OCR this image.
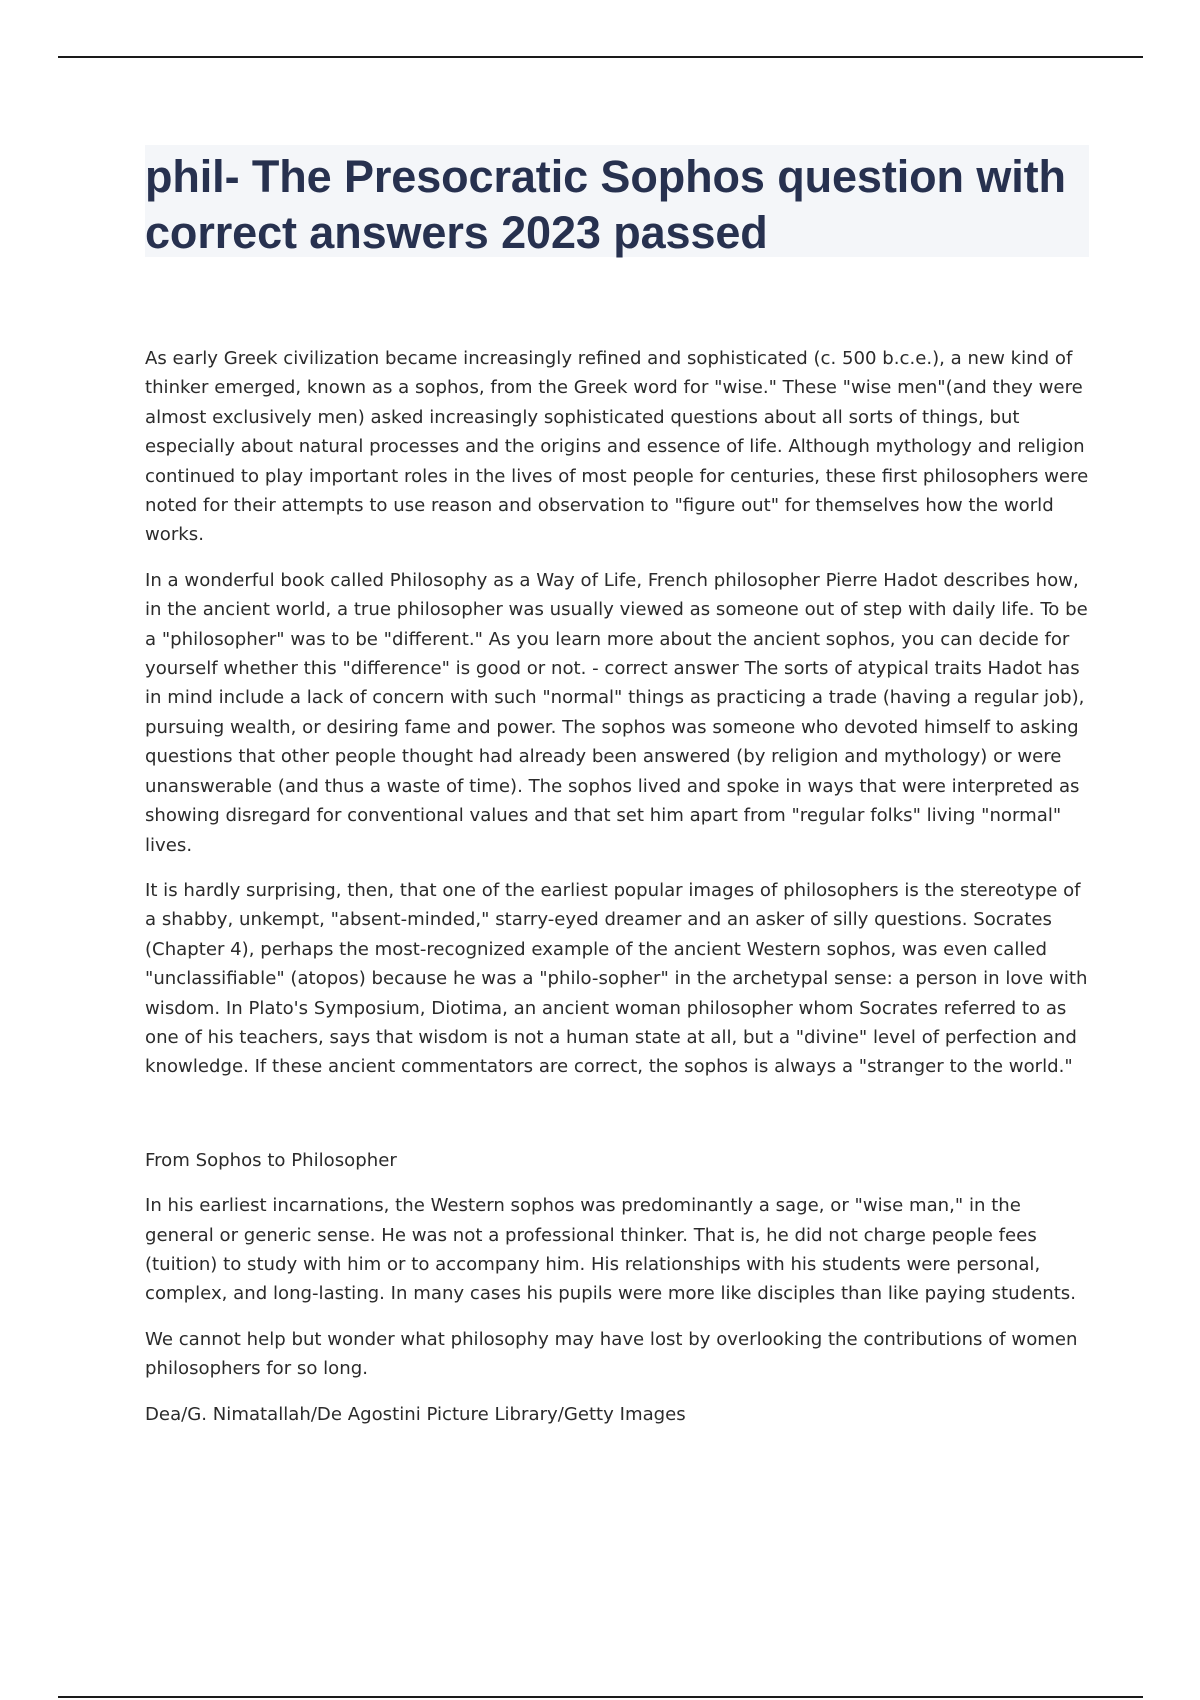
phil- The Presocratic Sophos question with correct answers 2023 passed

As early Greek civilization became increasingly refined and sophisticated (c. 500 b.c.e.), a new kind of thinker emerged, known as a sophos, from the Greek word for "wise." These "wise men"(and they were almost exclusively men) asked increasingly sophisticated questions about all sorts of things, but especially about natural processes and the origins and essence of life. Although mythology and religion continued to play important roles in the lives of most people for centuries, these first philosophers were noted for their attempts to use reason and observation to "figure out" for themselves how the world works.

In a wonderful book called Philosophy as a Way of Life, French philosopher Pierre Hadot describes how, in the ancient world, a true philosopher was usually viewed as someone out of step with daily life. To be a "philosopher" was to be "different." As you learn more about the ancient sophos, you can decide for yourself whether this "difference" is good or not. - correct answer The sorts of atypical traits Hadot has in mind include a lack of concern with such "normal" things as practicing a trade (having a regular job), pursuing wealth, or desiring fame and power. The sophos was someone who devoted himself to asking questions that other people thought had already been answered (by religion and mythology) or were unanswerable (and thus a waste of time). The sophos lived and spoke in ways that were interpreted as showing disregard for conventional values and that set him apart from "regular folks" living "normal" lives.

It is hardly surprising, then, that one of the earliest popular images of philosophers is the stereotype of a shabby, unkempt, "absent-minded," starry-eyed dreamer and an asker of silly questions. Socrates (Chapter 4), perhaps the most-recognized example of the ancient Western sophos, was even called "unclassifiable" (atopos) because he was a "philo-sopher" in the archetypal sense: a person in love with wisdom. In Plato's Symposium, Diotima, an ancient woman philosopher whom Socrates referred to as one of his teachers, says that wisdom is not a human state at all, but a "divine" level of perfection and knowledge. If these ancient commentators are correct, the sophos is always a "stranger to the world."

From Sophos to Philosopher

In his earliest incarnations, the Western sophos was predominantly a sage, or "wise man," in the general or generic sense. He was not a professional thinker. That is, he did not charge people fees (tuition) to study with him or to accompany him. His relationships with his students were personal, complex, and long-lasting. In many cases his pupils were more like disciples than like paying students.

We cannot help but wonder what philosophy may have lost by overlooking the contributions of women philosophers for so long.

Dea/G. Nimatallah/De Agostini Picture Library/Getty Images
